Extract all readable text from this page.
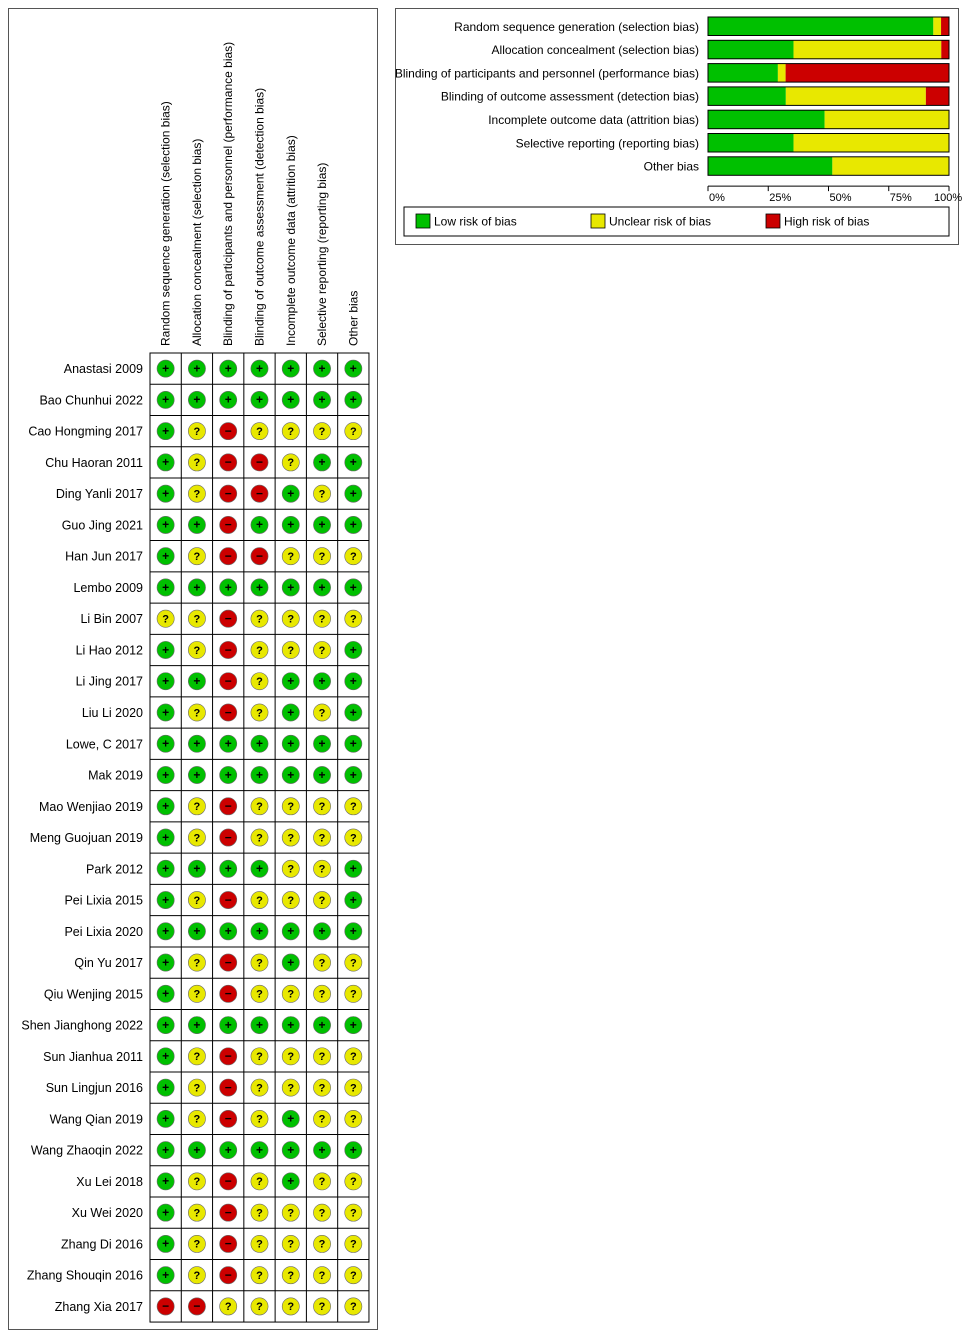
Random sequence generation (selection bias) Allocation concealment (selection bias) Blinding of participants and personnel (performance bias) Blinding of outcome assessment (detection bias) Incomplete outcome data (attrition bias) Selective reporting (reporting bias) Other bias
Anastasi 2009 + + + + + + +
Bao Chunhui 2022 + + + + + + +
Cao Hongming 2017 + ? − ? ? ? ?
Chu Haoran 2011 + ? − − ? + +
Ding Yanli 2017 + ? − − + ? +
Guo Jing 2021 + + − + + + +
Han Jun 2017 + ? − − ? ? ?
Lembo 2009 + + + + + + +
Li Bin 2007 ? ? − ? ? ? ?
Li Hao 2012 + ? − ? ? ? +
Li Jing 2017 + + − ? + + +
Liu Li 2020 + ? − ? + ? +
Lowe, C 2017 + + + + + + +
Mak 2019 + + + + + + +
Mao Wenjiao 2019 + ? − ? ? ? ?
Meng Guojuan 2019 + ? − ? ? ? ?
Park 2012 + + + + ? ? +
Pei Lixia 2015 + ? − ? ? ? +
Pei Lixia 2020 + + + + + + +
Qin Yu 2017 + ? − ? + ? ?
Qiu Wenjing 2015 + ? − ? ? ? ?
Shen Jianghong 2022 + + + + + + +
Sun Jianhua 2011 + ? − ? ? ? ?
Sun Lingjun 2016 + ? − ? ? ? ?
Wang Qian 2019 + ? − ? + ? ?
Wang Zhaoqin 2022 + + + + + + +
Xu Lei 2018 + ? − ? + ? ?
Xu Wei 2020 + ? − ? ? ? ?
Zhang Di 2016 + ? − ? ? ? ?
Zhang Shouqin 2016 + ? − ? ? ? ?
Zhang Xia 2017 − − ? ? ? ? ?
Random sequence generation (selection bias)
Allocation concealment (selection bias)
Blinding of participants and personnel (performance bias)
Blinding of outcome assessment (detection bias)
Incomplete outcome data (attrition bias)
Selective reporting (reporting bias)
Other bias
0%	25%	50%	75% 100%
Low risk of bias	Unclear risk of bias	High risk of bias
